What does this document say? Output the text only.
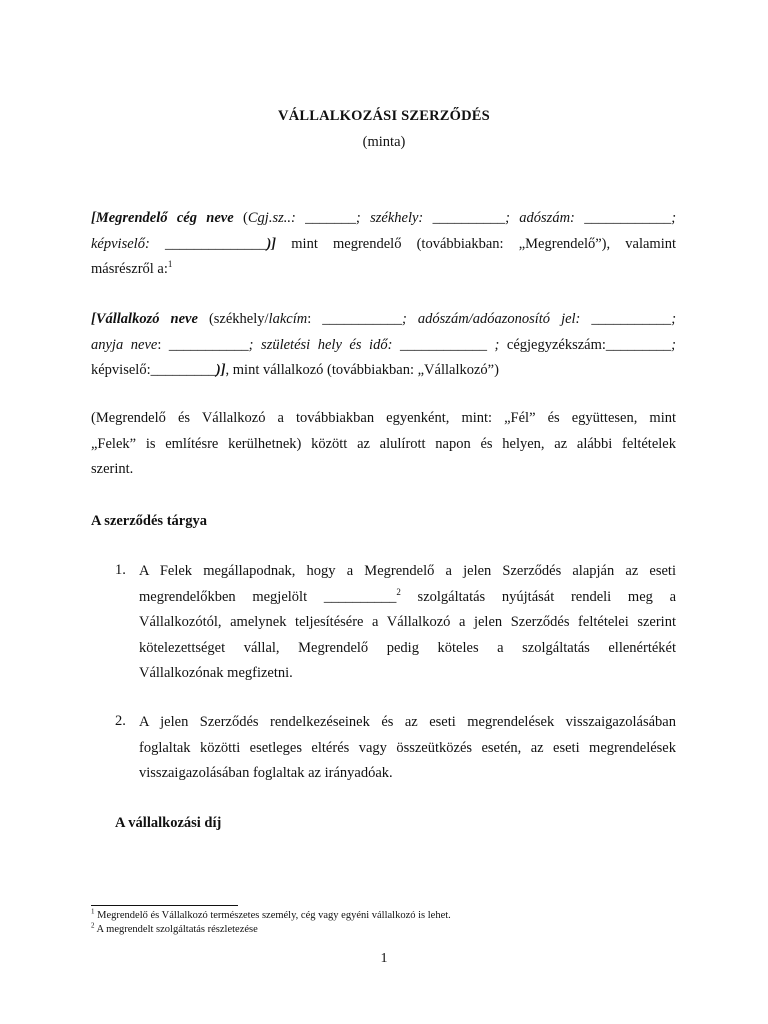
VÁLLALKOZÁSI SZERZŐDÉS
(minta)
[Megrendelő cég neve (Cgj.sz..: _______; székhely: __________; adószám: ____________;
képviselő: ______________)] mint megrendelő (továbbiakban: „Megrendelő”), valamint
másrészről a:$^1$
[Vállalkozó neve (székhely/lakcím: ___________; adószám/adóazonosító jel: ___________;
anyja neve: ___________; születési hely és idő: ____________ ; cégjegyzékszám:_________;
képviselő:_________)], mint vállalkozó (továbbiakban: „Vállalkozó”)
(Megrendelő és Vállalkozó a továbbiakban egyenként, mint: „Fél” és együttesen, mint
„Felek” is említésre kerülhetnek) között az alulírott napon és helyen, az alábbi feltételek
szerint.
A szerződés tárgya
1. A Felek megállapodnak, hogy a Megrendelő a jelen Szerződés alapján az eseti
megrendelőkben megjelölt __________$^2$ szolgáltatás nyújtását rendeli meg a
Vállalkozótól, amelynek teljesítésére a Vállalkozó a jelen Szerződés feltételei szerint
kötelezettséget vállal, Megrendelő pedig köteles a szolgáltatás ellenértékét
Vállalkozónak megfizetni.
2. A jelen Szerződés rendelkezéseinek és az eseti megrendelések visszaigazolásában
foglaltak közötti esetleges eltérés vagy összeütközés esetén, az eseti megrendelések
visszaigazolásában foglaltak az irányadóak.
A vállalkozási díj
$^1$ Megrendelő és Vállalkozó természetes személy, cég vagy egyéni vállalkozó is lehet.
$^2$ A megrendelt szolgáltatás részletezése
1
